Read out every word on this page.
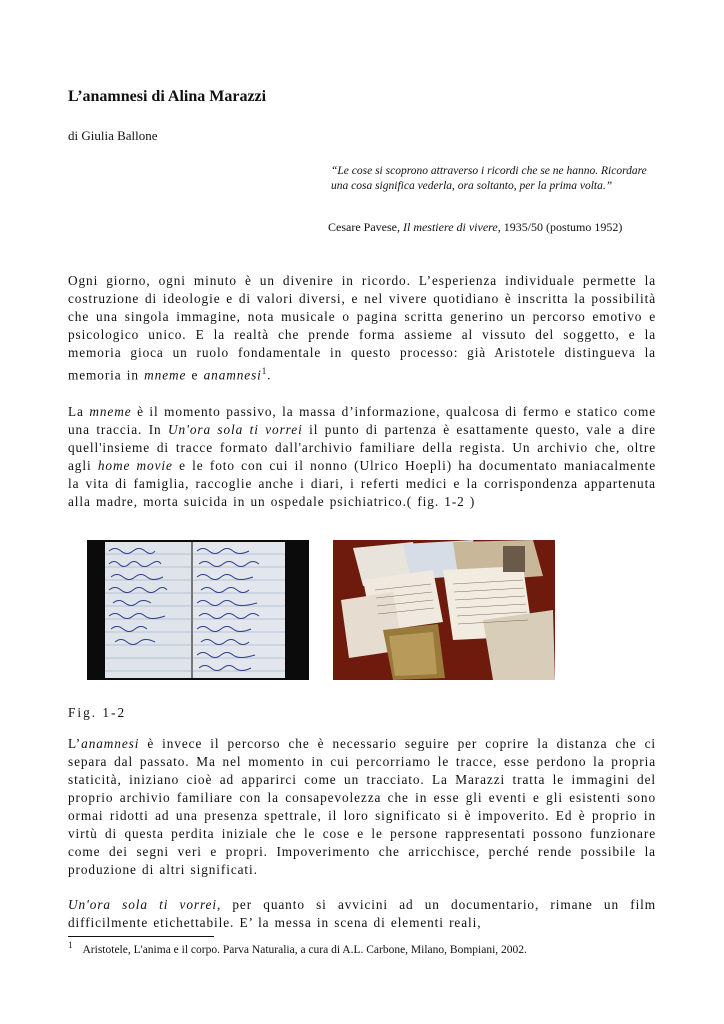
L’anamnesi di Alina Marazzi
di Giulia Ballone
“Le cose si scoprono attraverso i ricordi che se ne hanno. Ricordare una cosa significa vederla, ora soltanto, per la prima volta.”
Cesare Pavese, Il mestiere di vivere, 1935/50 (postumo 1952)

Ogni giorno, ogni minuto è un divenire in ricordo. L’esperienza individuale permette la costruzione di ideologie e di valori diversi, e nel vivere quotidiano è inscritta la possibilità che una singola immagine, nota musicale o pagina scritta generino un percorso emotivo e psicologico unico. E la realtà che prende forma assieme al vissuto del soggetto, e la memoria gioca un ruolo fondamentale in questo processo: già Aristotele distingueva la memoria in mneme e anamnesi$^1$.

La mneme è il momento passivo, la massa d’informazione, qualcosa di fermo e statico come una traccia. In Un'ora sola ti vorrei il punto di partenza è esattamente questo, vale a dire quell'insieme di tracce formato dall'archivio familiare della regista. Un archivio che, oltre agli home movie e le foto con cui il nonno (Ulrico Hoepli) ha documentato maniacalmente la vita di famiglia, raccoglie anche i diari, i referti medici e la corrispondenza appartenuta alla madre, morta suicida in un ospedale psichiatrico.( fig. 1-2 )

Fig. 1-2

L’anamnesi è invece il percorso che è necessario seguire per coprire la distanza che ci separa dal passato. Ma nel momento in cui percorriamo le tracce, esse perdono la propria staticità, iniziano cioè ad apparirci come un tracciato. La Marazzi tratta le immagini del proprio archivio familiare con la consapevolezza che in esse gli eventi e gli esistenti sono ormai ridotti ad una presenza spettrale, il loro significato si è impoverito. Ed è proprio in virtù di questa perdita iniziale che le cose e le persone rappresentati possono funzionare come dei segni veri e propri. Impoverimento che arricchisce, perché rende possibile la produzione di altri significati.

Un'ora sola ti vorrei, per quanto si avvicini ad un documentario, rimane un film difficilmente etichettabile. E’ la messa in scena di elementi reali,

$^1$ Aristotele, L'anima e il corpo. Parva Naturalia, a cura di A.L. Carbone, Milano, Bompiani, 2002.
